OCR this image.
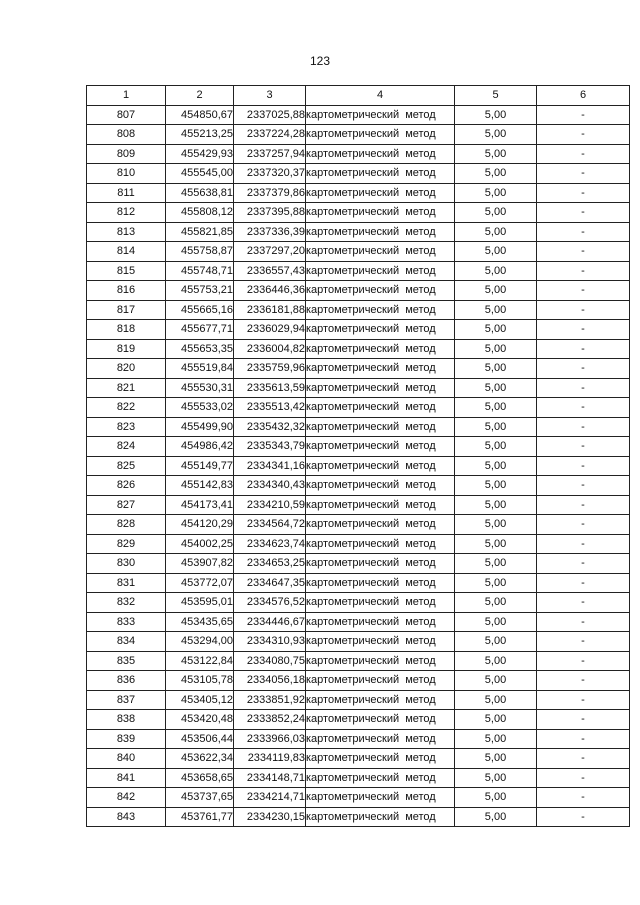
123
1	2	3	4	5	6
807	454850,67	2337025,88	картометрический метод	5,00	-
808	455213,25	2337224,28	картометрический метод	5,00	-
809	455429,93	2337257,94	картометрический метод	5,00	-
810	455545,00	2337320,37	картометрический метод	5,00	-
811	455638,81	2337379,86	картометрический метод	5,00	-
812	455808,12	2337395,88	картометрический метод	5,00	-
813	455821,85	2337336,39	картометрический метод	5,00	-
814	455758,87	2337297,20	картометрический метод	5,00	-
815	455748,71	2336557,43	картометрический метод	5,00	-
816	455753,21	2336446,36	картометрический метод	5,00	-
817	455665,16	2336181,88	картометрический метод	5,00	-
818	455677,71	2336029,94	картометрический метод	5,00	-
819	455653,35	2336004,82	картометрический метод	5,00	-
820	455519,84	2335759,96	картометрический метод	5,00	-
821	455530,31	2335613,59	картометрический метод	5,00	-
822	455533,02	2335513,42	картометрический метод	5,00	-
823	455499,90	2335432,32	картометрический метод	5,00	-
824	454986,42	2335343,79	картометрический метод	5,00	-
825	455149,77	2334341,16	картометрический метод	5,00	-
826	455142,83	2334340,43	картометрический метод	5,00	-
827	454173,41	2334210,59	картометрический метод	5,00	-
828	454120,29	2334564,72	картометрический метод	5,00	-
829	454002,25	2334623,74	картометрический метод	5,00	-
830	453907,82	2334653,25	картометрический метод	5,00	-
831	453772,07	2334647,35	картометрический метод	5,00	-
832	453595,01	2334576,52	картометрический метод	5,00	-
833	453435,65	2334446,67	картометрический метод	5,00	-
834	453294,00	2334310,93	картометрический метод	5,00	-
835	453122,84	2334080,75	картометрический метод	5,00	-
836	453105,78	2334056,18	картометрический метод	5,00	-
837	453405,12	2333851,92	картометрический метод	5,00	-
838	453420,48	2333852,24	картометрический метод	5,00	-
839	453506,44	2333966,03	картометрический метод	5,00	-
840	453622,34	2334119,83	картометрический метод	5,00	-
841	453658,65	2334148,71	картометрический метод	5,00	-
842	453737,65	2334214,71	картометрический метод	5,00	-
843	453761,77	2334230,15	картометрический метод	5,00	-
